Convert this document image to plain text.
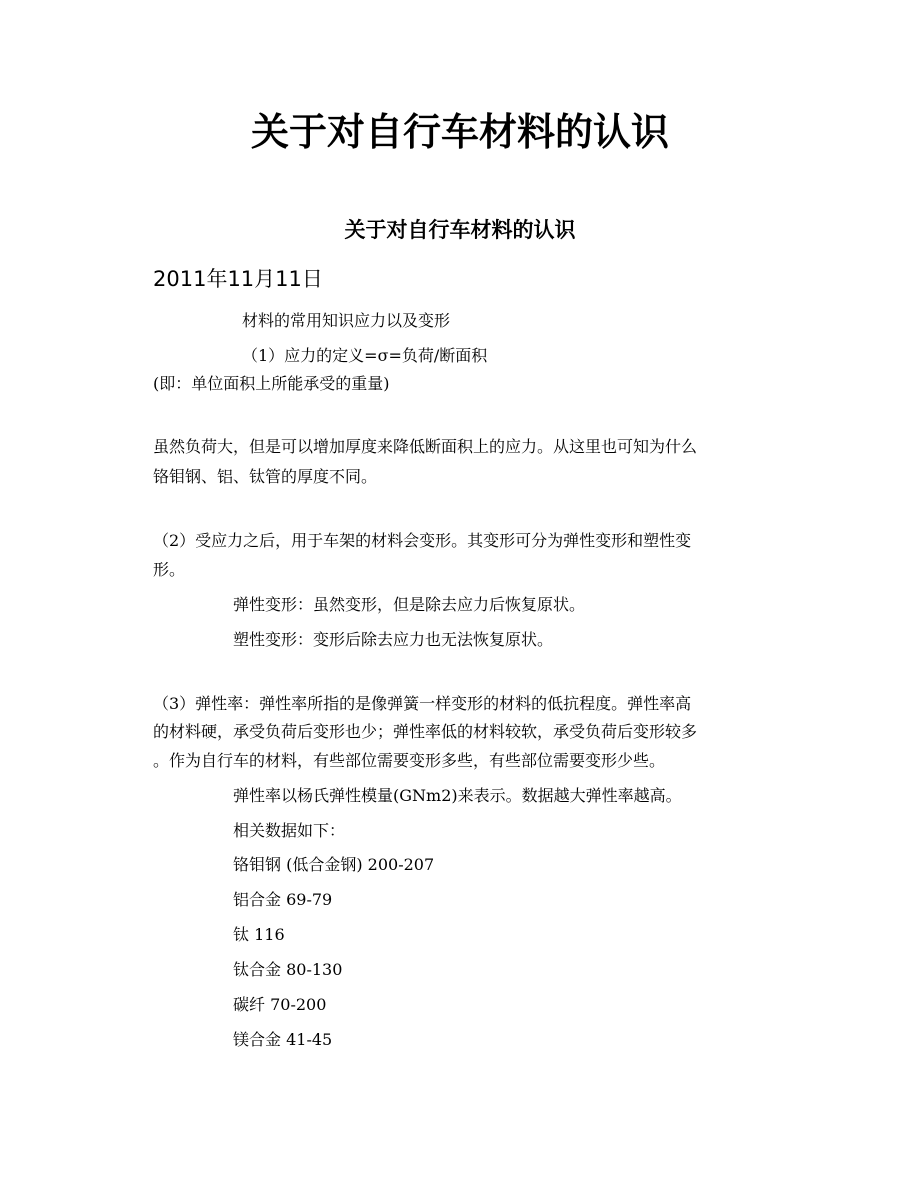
关于对自行车材料的认识
关于对自行车材料的认识
2011年11月11日
材料的常用知识应力以及变形
（1）应力的定义=σ=负荷/断面积
(即：单位面积上所能承受的重量)
虽然负荷大，但是可以增加厚度来降低断面积上的应力。从这里也可知为什么
铬钼钢、铝、钛管的厚度不同。
（2）受应力之后，用于车架的材料会变形。其变形可分为弹性变形和塑性变
形。
弹性变形：虽然变形，但是除去应力后恢复原状。
塑性变形：变形后除去应力也无法恢复原状。
（3）弹性率：弹性率所指的是像弹簧一样变形的材料的低抗程度。弹性率高
的材料硬，承受负荷后变形也少；弹性率低的材料较软，承受负荷后变形较多
。作为自行车的材料，有些部位需要变形多些，有些部位需要变形少些。
弹性率以杨氏弹性模量(GNm2)来表示。数据越大弹性率越高。
相关数据如下：
铬钼钢 (低合金钢) 200-207
铝合金 69-79
钛 116
钛合金 80-130
碳纤 70-200
镁合金 41-45
